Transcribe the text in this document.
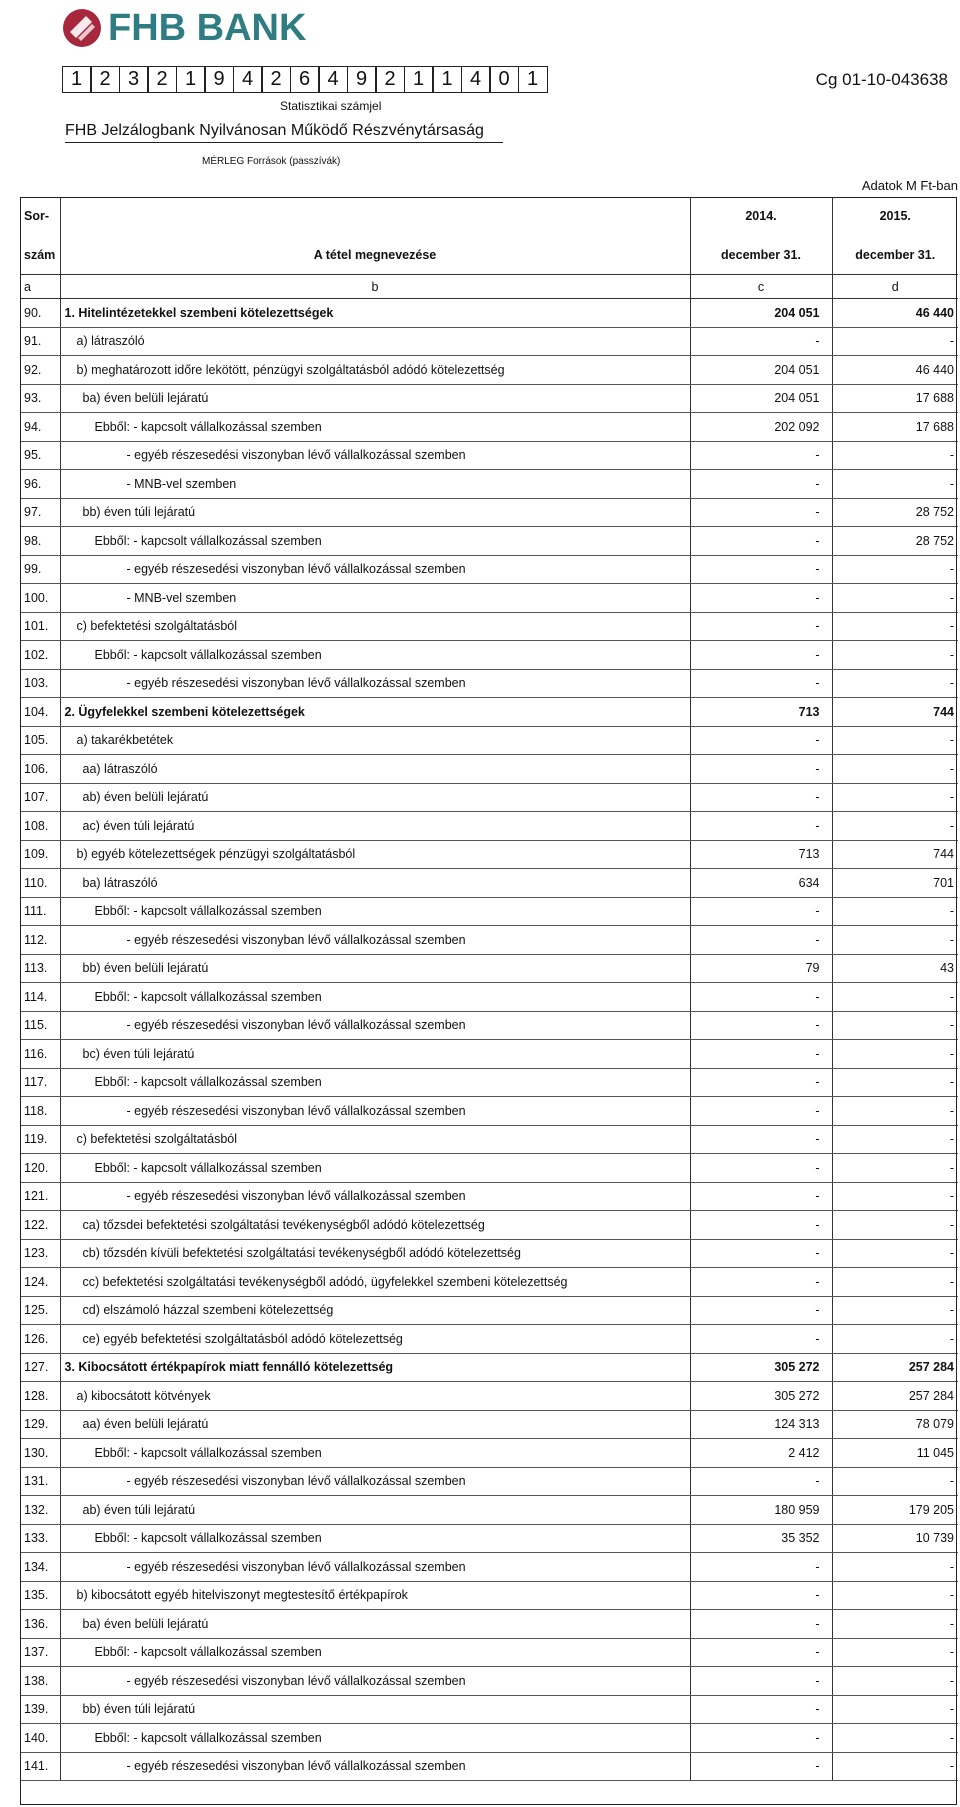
FHB BANK
1 2 3 2 1 9 4 2 6 4 9 2 1 1 4 0 1	Cg 01-10-043638
Statisztikai számjel
FHB Jelzálogbank Nyilvánosan Működő Részvénytársaság
MÉRLEG Források (passzívák)
Adatok M Ft-ban
Sor-		2014.	2015.
szám	A tétel megnevezése	december 31.	december 31.
a	b	c	d
90.	1. Hitelintézetekkel szembeni kötelezettségek	204 051	46 440
91.	a) látraszóló	-	-
92.	b) meghatározott időre lekötött, pénzügyi szolgáltatásból adódó kötelezettség	204 051	46 440
93.	ba) éven belüli lejáratú	204 051	17 688
94.	Ebből: - kapcsolt vállalkozással szemben	202 092	17 688
95.	- egyéb részesedési viszonyban lévő vállalkozással szemben	-	-
96.	- MNB-vel szemben	-	-
97.	bb) éven túli lejáratú	-	28 752
98.	Ebből: - kapcsolt vállalkozással szemben	-	28 752
99.	- egyéb részesedési viszonyban lévő vállalkozással szemben	-	-
100.	- MNB-vel szemben	-	-
101.	c) befektetési szolgáltatásból	-	-
102.	Ebből: - kapcsolt vállalkozással szemben	-	-
103.	- egyéb részesedési viszonyban lévő vállalkozással szemben	-	-
104.	2. Ügyfelekkel szembeni kötelezettségek	713	744
105.	a) takarékbetétek	-	-
106.	aa) látraszóló	-	-
107.	ab) éven belüli lejáratú	-	-
108.	ac) éven túli lejáratú	-	-
109.	b) egyéb kötelezettségek pénzügyi szolgáltatásból	713	744
110.	ba) látraszóló	634	701
111.	Ebből: - kapcsolt vállalkozással szemben	-	-
112.	- egyéb részesedési viszonyban lévő vállalkozással szemben	-	-
113.	bb) éven belüli lejáratú	79	43
114.	Ebből: - kapcsolt vállalkozással szemben	-	-
115.	- egyéb részesedési viszonyban lévő vállalkozással szemben	-	-
116.	bc) éven túli lejáratú	-	-
117.	Ebből: - kapcsolt vállalkozással szemben	-	-
118.	- egyéb részesedési viszonyban lévő vállalkozással szemben	-	-
119.	c) befektetési szolgáltatásból	-	-
120.	Ebből: - kapcsolt vállalkozással szemben	-	-
121.	- egyéb részesedési viszonyban lévő vállalkozással szemben	-	-
122.	ca) tőzsdei befektetési szolgáltatási tevékenységből adódó kötelezettség	-	-
123.	cb) tőzsdén kívüli befektetési szolgáltatási tevékenységből adódó kötelezettség	-	-
124.	cc) befektetési szolgáltatási tevékenységből adódó, ügyfelekkel szembeni kötelezettség	-	-
125.	cd) elszámoló házzal szembeni kötelezettség	-	-
126.	ce) egyéb befektetési szolgáltatásból adódó kötelezettség	-	-
127.	3. Kibocsátott értékpapírok miatt fennálló kötelezettség	305 272	257 284
128.	a) kibocsátott kötvények	305 272	257 284
129.	aa) éven belüli lejáratú	124 313	78 079
130.	Ebből: - kapcsolt vállalkozással szemben	2 412	11 045
131.	- egyéb részesedési viszonyban lévő vállalkozással szemben	-	-
132.	ab) éven túli lejáratú	180 959	179 205
133.	Ebből: - kapcsolt vállalkozással szemben	35 352	10 739
134.	- egyéb részesedési viszonyban lévő vállalkozással szemben	-	-
135.	b) kibocsátott egyéb hitelviszonyt megtestesítő értékpapírok	-	-
136.	ba) éven belüli lejáratú	-	-
137.	Ebből: - kapcsolt vállalkozással szemben	-	-
138.	- egyéb részesedési viszonyban lévő vállalkozással szemben	-	-
139.	bb) éven túli lejáratú	-	-
140.	Ebből: - kapcsolt vállalkozással szemben	-	-
141.	- egyéb részesedési viszonyban lévő vállalkozással szemben	-	-
